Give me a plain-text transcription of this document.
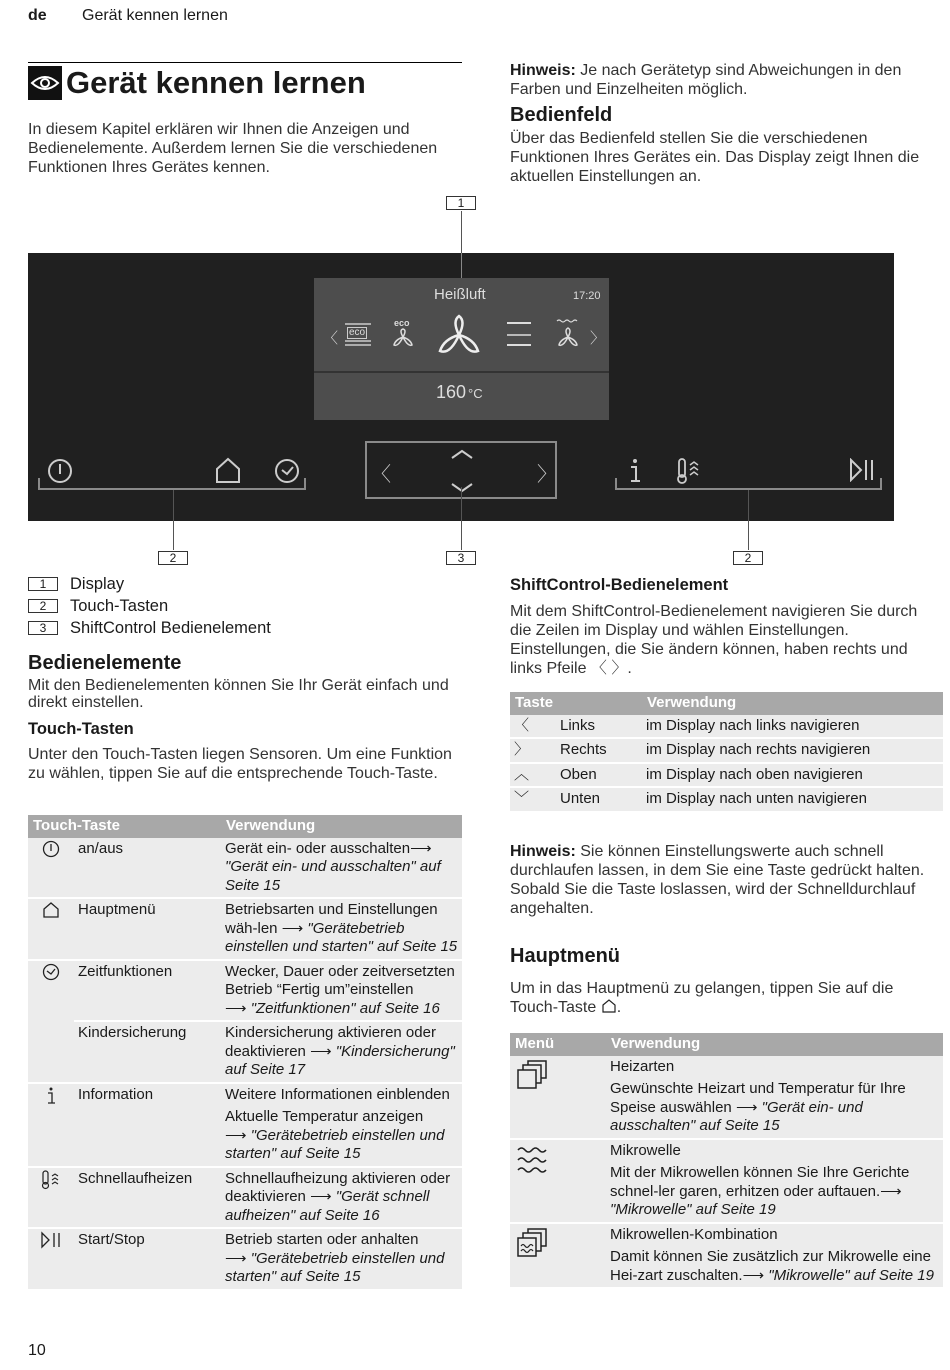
de Gerät kennen lernen
Gerät kennen lernen
In diesem Kapitel erklären wir Ihnen die Anzeigen und Bedienelemente. Außerdem lernen Sie die verschiedenen Funktionen Ihres Gerätes kennen.
Hinweis: Je nach Gerätetyp sind Abweichungen in den Farben und Einzelheiten möglich.
Bedienfeld
Über das Bedienfeld stellen Sie die verschiedenen Funktionen Ihres Gerätes ein. Das Display zeigt Ihnen die aktuellen Einstellungen an.
1
Heißluft	17:20
〈	〉
eco
eco
160 °C
〈	〉
2	3	2
1	Display
2	Touch-Tasten
3	ShiftControl Bedienelement
Bedienelemente
Mit den Bedienelementen können Sie Ihr Gerät einfach und direkt einstellen.
Touch-Tasten
Unter den Touch-Tasten liegen Sensoren. Um eine Funktion zu wählen, tippen Sie auf die entsprechende Touch-Taste.
Touch-Taste		Verwendung
	an/aus	Gerät ein- oder ausschalten⟶ "Gerät ein- und ausschalten" auf Seite 15
	Hauptmenü	Betriebsarten und Einstellungen wäh-len ⟶ "Gerätebetrieb einstellen und starten" auf Seite 15
	Zeitfunktionen	Wecker, Dauer oder zeitversetzten Betrieb “Fertig um”einstellen
⟶ "Zeitfunktionen" auf Seite 16
	Kindersicherung	Kindersicherung aktivieren oder deaktivieren ⟶ "Kindersicherung" auf Seite 17
	Information	Weitere Informationen einblenden
Aktuelle Temperatur anzeigen
⟶ "Gerätebetrieb einstellen und starten" auf Seite 15
	Schnellaufheizen	Schnellaufheizung aktivieren oder deaktivieren ⟶ "Gerät schnell aufheizen" auf Seite 16
	Start/Stop	Betrieb starten oder anhalten
⟶ "Gerätebetrieb einstellen und starten" auf Seite 15
ShiftControl-Bedienelement
Mit dem ShiftControl-Bedienelement navigieren Sie durch die Zeilen im Display und wählen Einstellungen. Einstellungen, die Sie ändern können, haben rechts und links Pfeile 〈 〉.
Taste		Verwendung
〈	Links	im Display nach links navigieren
〉	Rechts	im Display nach rechts navigieren
︿	Oben	im Display nach oben navigieren
﹀	Unten	im Display nach unten navigieren
Hinweis: Sie können Einstellungswerte auch schnell durchlaufen lassen, in dem Sie eine Taste gedrückt halten. Sobald Sie die Taste loslassen, wird der Schnelldurchlauf angehalten.
Hauptmenü
Um in das Hauptmenü zu gelangen, tippen Sie auf die Touch-Taste .
Menü	Verwendung

Heizarten
Gewünschte Heizart und Temperatur für Ihre Speise auswählen ⟶ "Gerät ein- und ausschalten" auf Seite 15

Mikrowelle
Mit der Mikrowellen können Sie Ihre Gerichte schnel-ler garen, erhitzen oder auftauen.⟶ "Mikrowelle" auf Seite 19

Mikrowellen-Kombination
Damit können Sie zusätzlich zur Mikrowelle eine Hei-zart zuschalten.⟶ "Mikrowelle" auf Seite 19
10
